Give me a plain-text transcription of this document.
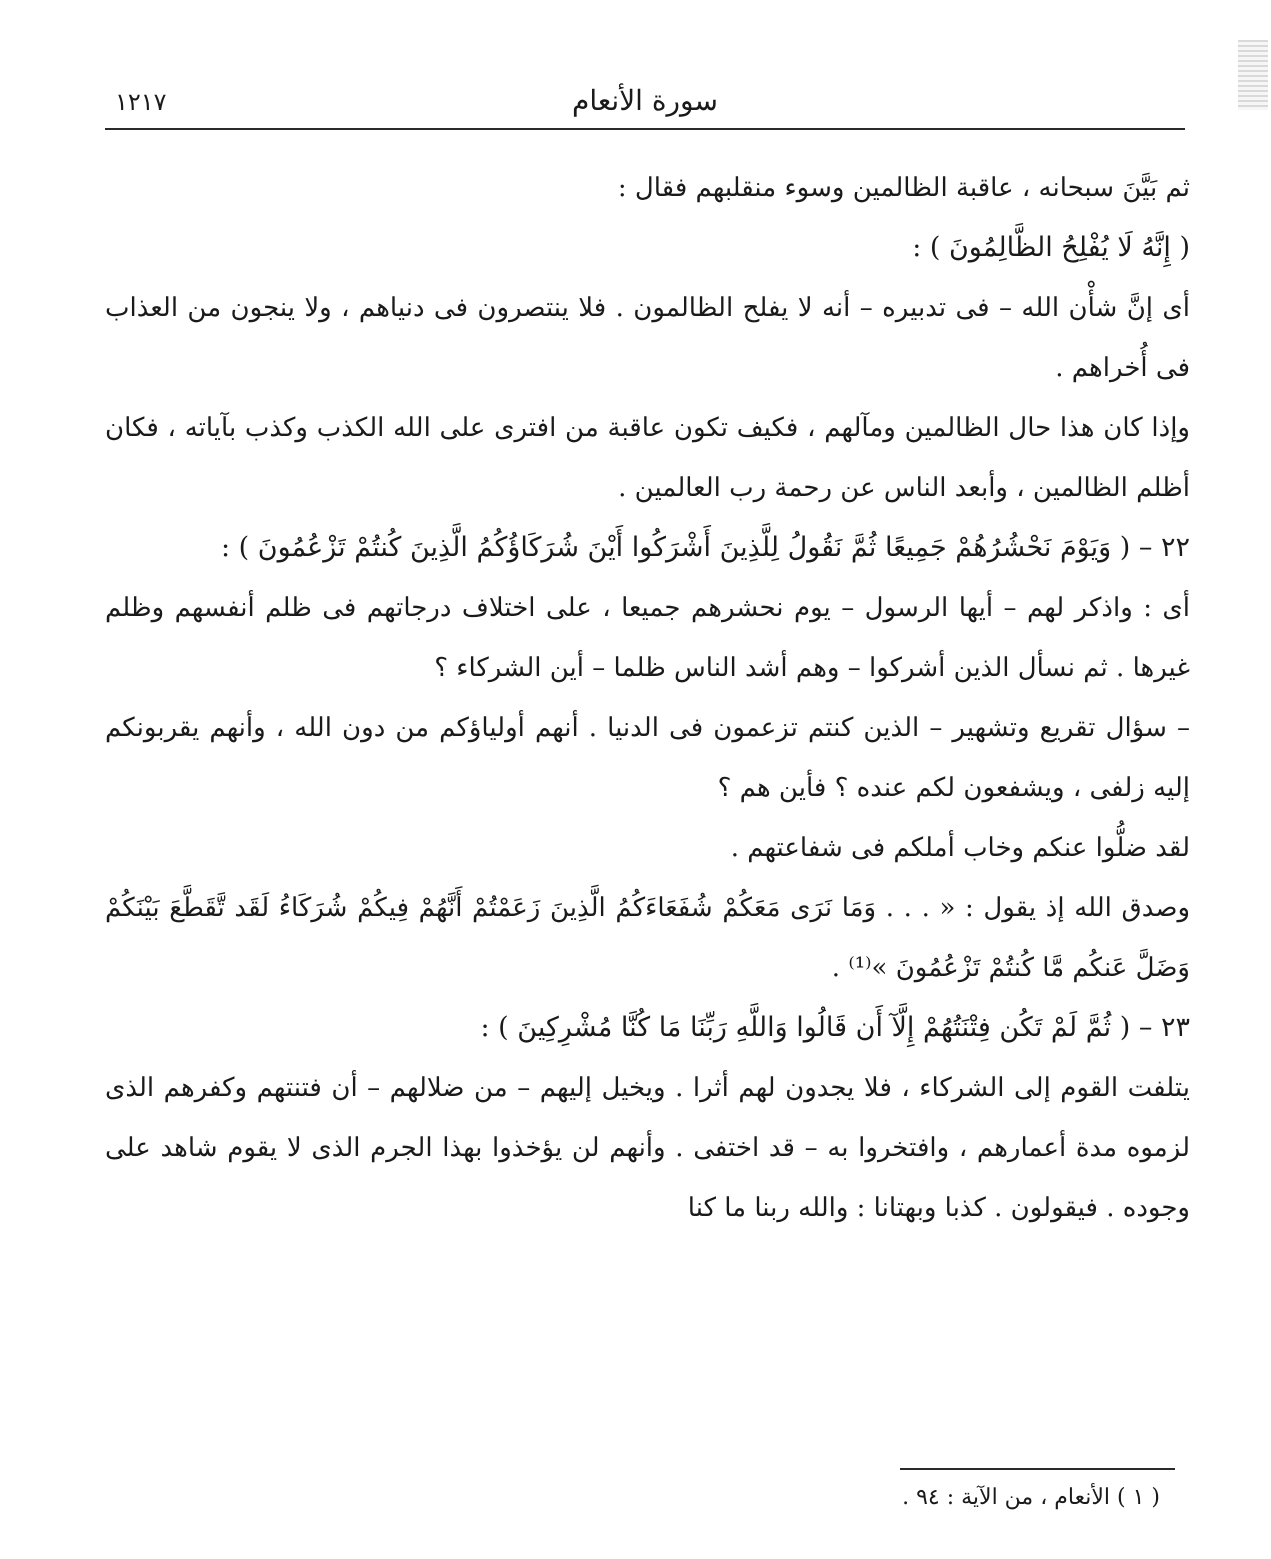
١٢١٧	سورة الأنعام

ثم بَيَّنَ سبحانه ، عاقبة الظالمين وسوء منقلبهم فقال :

( إِنَّهُ لَا يُفْلِحُ الظَّالِمُونَ ) :

أى إنَّ شأْن الله – فى تدبيره – أنه لا يفلح الظالمون . فلا ينتصرون فى دنياهم ، ولا ينجون من العذاب فى أُخراهم .

وإذا كان هذا حال الظالمين ومآلهم ، فكيف تكون عاقبة من افترى على الله الكذب وكذب بآياته ، فكان أظلم الظالمين ، وأبعد الناس عن رحمة رب العالمين .

٢٢ – ( وَيَوْمَ نَحْشُرُهُمْ جَمِيعًا ثُمَّ نَقُولُ لِلَّذِينَ أَشْرَكُوا أَيْنَ شُرَكَاؤُكُمُ الَّذِينَ كُنتُمْ تَزْعُمُونَ ) :

أى : واذكر لهم – أيها الرسول – يوم نحشرهم جميعا ، على اختلاف درجاتهم فى ظلم أنفسهم وظلم غيرها . ثم نسأل الذين أشركوا – وهم أشد الناس ظلما – أين الشركاء ؟

– سؤال تقريع وتشهير – الذين كنتم تزعمون فى الدنيا . أنهم أولياؤكم من دون الله ، وأنهم يقربونكم إليه زلفى ، ويشفعون لكم عنده ؟ فأين هم ؟

لقد ضلُّوا عنكم وخاب أملكم فى شفاعتهم .

وصدق الله إذ يقول : « . . . وَمَا نَرَى مَعَكُمْ شُفَعَاءَكُمُ الَّذِينَ زَعَمْتُمْ أَنَّهُمْ فِيكُمْ شُرَكَاءُ لَقَد تَّقَطَّعَ بَيْنَكُمْ وَضَلَّ عَنكُم مَّا كُنتُمْ تَزْعُمُونَ »⁽¹⁾ .

٢٣ – ( ثُمَّ لَمْ تَكُن فِتْنَتُهُمْ إِلَّآ أَن قَالُوا وَاللَّهِ رَبِّنَا مَا كُنَّا مُشْرِكِينَ ) :

يتلفت القوم إلى الشركاء ، فلا يجدون لهم أثرا . ويخيل إليهم – من ضلالهم – أن فتنتهم وكفرهم الذى لزموه مدة أعمارهم ، وافتخروا به – قد اختفى . وأنهم لن يؤخذوا بهذا الجرم الذى لا يقوم شاهد على وجوده . فيقولون . كذبا وبهتانا : والله ربنا ما كنا

( ١ ) الأنعام ، من الآية : ٩٤ .
